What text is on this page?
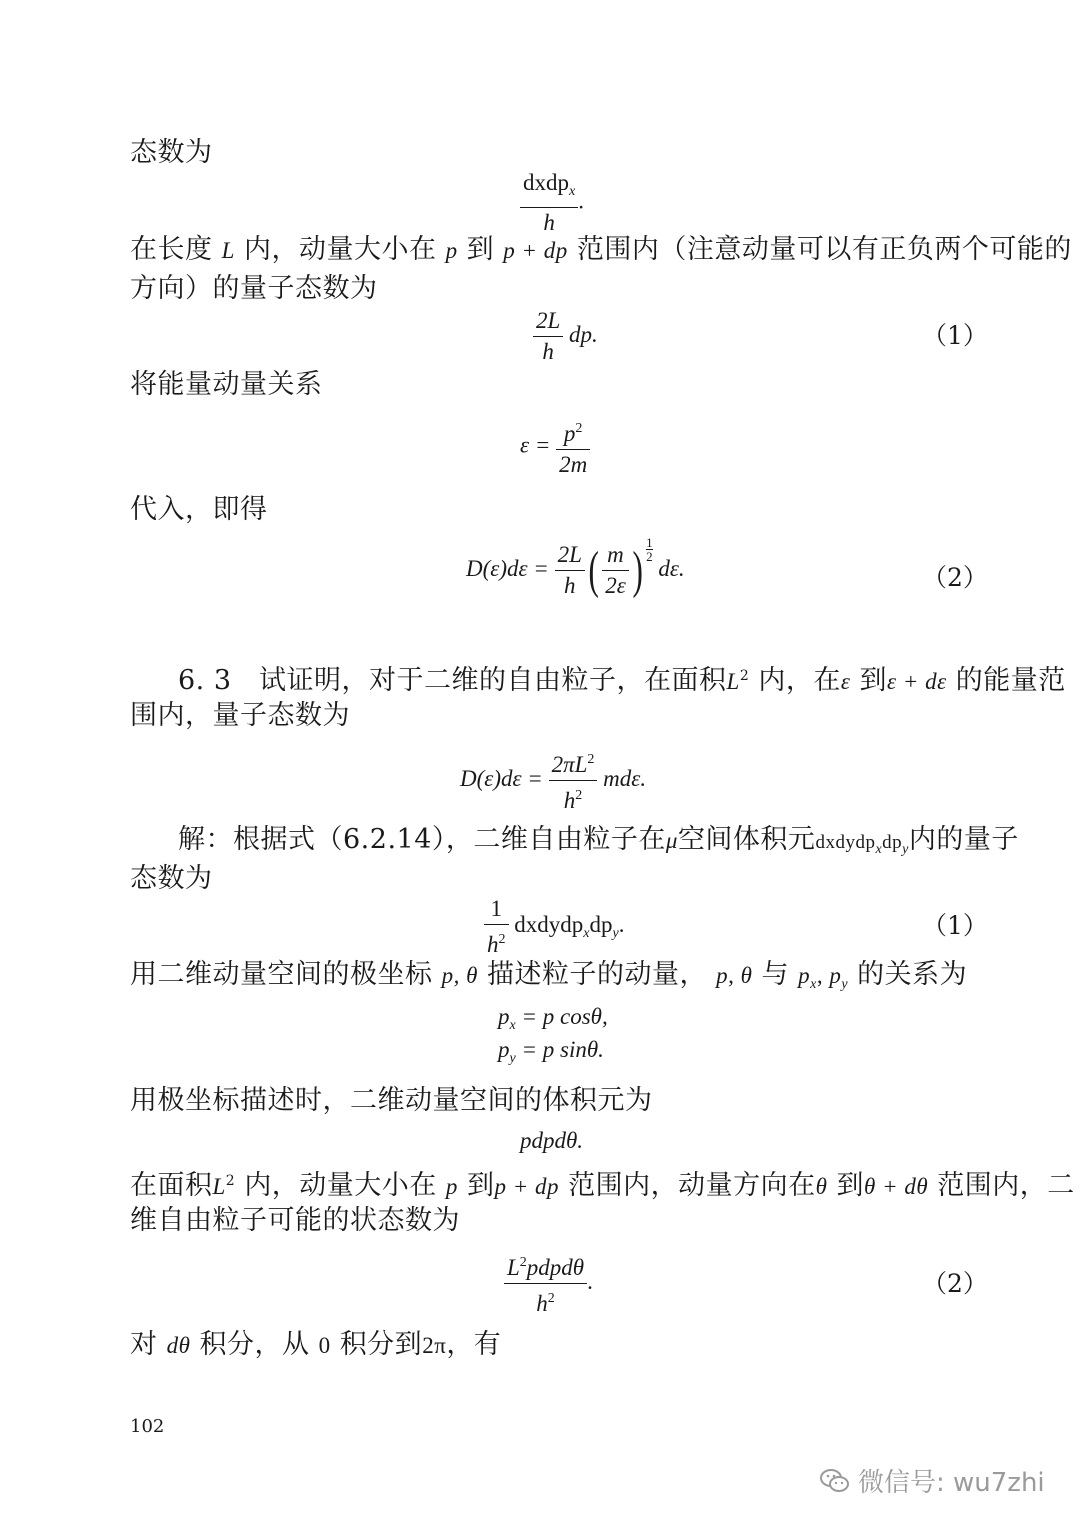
态数为
$\frac{dxdp_x}{h}$ .
在长度 L 内，动量大小在 p 到 p + dp 范围内（注意动量可以有正负两个可能的
方向）的量子态数为
$\frac{2L}{h}$ dp.	（1）
将能量动量关系
$\varepsilon = \frac{p^2}{2m}$
代入，即得
$D(\varepsilon)d\varepsilon = \frac{2L}{h}$ ( $\frac{m}{2\varepsilon}$ ) $\frac{1}{2}$
dε.	（2）
6. 3　试证明，对于二维的自由粒子，在面积$L^2$ 内，在ε 到ε + dε 的能量范
围内，量子态数为
$D(\varepsilon)d\varepsilon = \frac{2\pi L^2}{h^2} md\varepsilon$.
解：根据式（6.2.14），二维自由粒子在μ空间体积元$dxdydp_xdp_y$内的量子
态数为
$\frac{1}{h^2}$ $dxdydp_xdp_y$.	（1）
用二维动量空间的极坐标 p, θ 描述粒子的动量， p, θ 与 $p_x$, $p_y$ 的关系为
$p_x = p$ cosθ,
$p_y = p$ sinθ.
用极坐标描述时，二维动量空间的体积元为
pdpdθ.
在面积$L^2$ 内，动量大小在 p 到p + dp 范围内，动量方向在θ 到θ + dθ 范围内，二
维自由粒子可能的状态数为
$\frac{L^2pdpd\theta}{h^2}$ .	（2）
对 dθ 积分，从 0 积分到2π，有
102
微信号: wu7zhi
